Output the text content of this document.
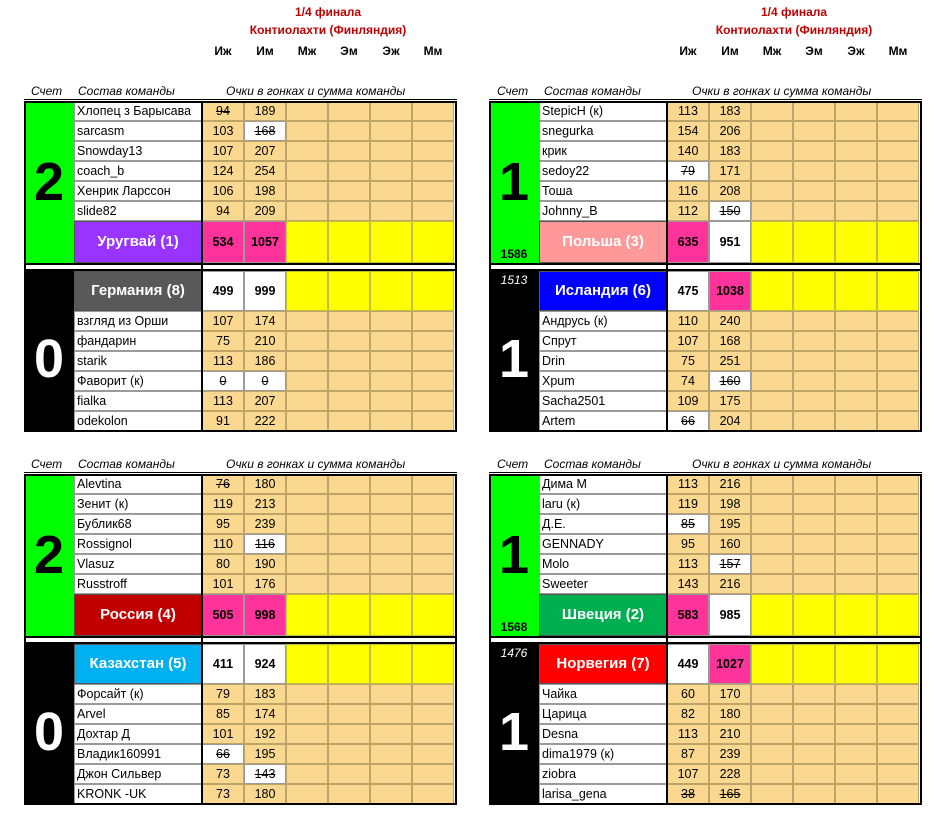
1/4 финала
Контиолахти (Финляндия)
1/4 финала
Контиолахти (Финляндия)
Иж	Им	Мж	Эм	Эж	Мм	Иж	Им	Мж	Эм	Эж	Мм
Счет Состав команды	Очки в гонках и сумма команды	Счет Состав команды	Очки в гонках и сумма команды
Счет Состав команды	Очки в гонках и сумма команды	Счет Состав команды	Очки в гонках и сумма команды
2
Хлопец з Барысава	94	189
sarcasm	103	168
Snowday13	107	207
coach_b	124	254
Хенрик Ларссон	106	198
slide82	94	209
Уругвай (1)	534	1057
0
Германия (8)	499	999
взгляд из Орши	107	174
фандарин	75	210
starik	113	186
Фаворит (к)	0	0
fialka	113	207
odekolon	91	222
1
1586
StepicH (к)	113	183
snegurka	154	206
крик	140	183
sedoy22	79	171
Тоша	116	208
Johnny_B	112	150
Польша (3)	635	951
1
1513
Исландия (6)	475	1038
Андрусь (к)	110	240
Спрут	107	168
Drin	75	251
Xpum	74	160
Sacha2501	109	175
Artem	66	204
2
Alevtina	76	180
Зенит (к)	119	213
Бублик68	95	239
Rossignol	110	116
Vlasuz	80	190
Russtroff	101	176
Россия (4)	505	998
0
Казахстан (5)	411	924
Форсайт (к)	79	183
Arvel	85	174
Дохтар Д	101	192
Владик160991	66	195
Джон Сильвер	73	143
KRONK -UK	73	180
1
1568
Дима М	113	216
laru (к)	119	198
Д.Е.	85	195
GENNADY	95	160
Molo	113	157
Sweeter	143	216
Швеция (2)	583	985
1
1476
Норвегия (7)	449	1027
Чайка	60	170
Царица	82	180
Desna	113	210
dima1979 (к)	87	239
ziobra	107	228
larisa_gena	38	165
